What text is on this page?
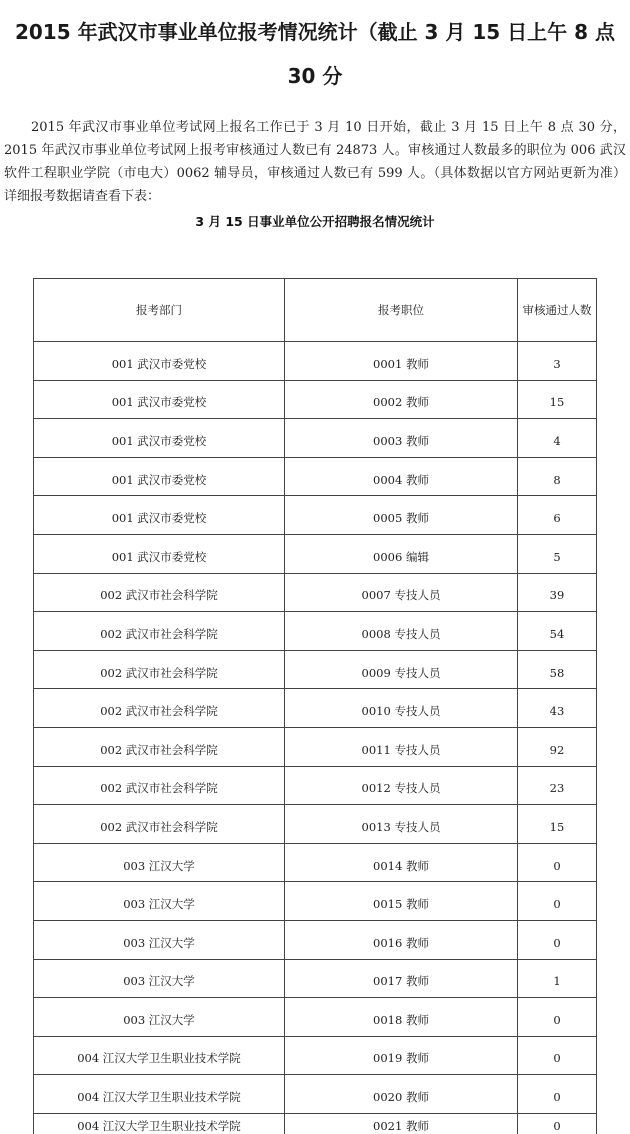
2015 年武汉市事业单位报考情况统计（截止 3 月 15 日上午 8 点 30 分

2015 年武汉市事业单位考试网上报名工作已于 3 月 10 日开始，截止 3 月 15 日上午 8 点 30 分，2015 年武汉市事业单位考试网上报考审核通过人数已有 24873 人。审核通过人数最多的职位为 006 武汉软件工程职业学院（市电大）0062 辅导员，审核通过人数已有 599 人。（具体数据以官方网站更新为准）详细报考数据请查看下表：

3 月 15 日事业单位公开招聘报名情况统计
报考部门	报考职位	审核通过人数
001 武汉市委党校	0001 教师	3
001 武汉市委党校	0002 教师	15
001 武汉市委党校	0003 教师	4
001 武汉市委党校	0004 教师	8
001 武汉市委党校	0005 教师	6
001 武汉市委党校	0006 编辑	5
002 武汉市社会科学院	0007 专技人员	39
002 武汉市社会科学院	0008 专技人员	54
002 武汉市社会科学院	0009 专技人员	58
002 武汉市社会科学院	0010 专技人员	43
002 武汉市社会科学院	0011 专技人员	92
002 武汉市社会科学院	0012 专技人员	23
002 武汉市社会科学院	0013 专技人员	15
003 江汉大学	0014 教师	0
003 江汉大学	0015 教师	0
003 江汉大学	0016 教师	0
003 江汉大学	0017 教师	1
003 江汉大学	0018 教师	0
004 江汉大学卫生职业技术学院	0019 教师	0
004 江汉大学卫生职业技术学院	0020 教师	0
004 江汉大学卫生职业技术学院	0021 教师	0
